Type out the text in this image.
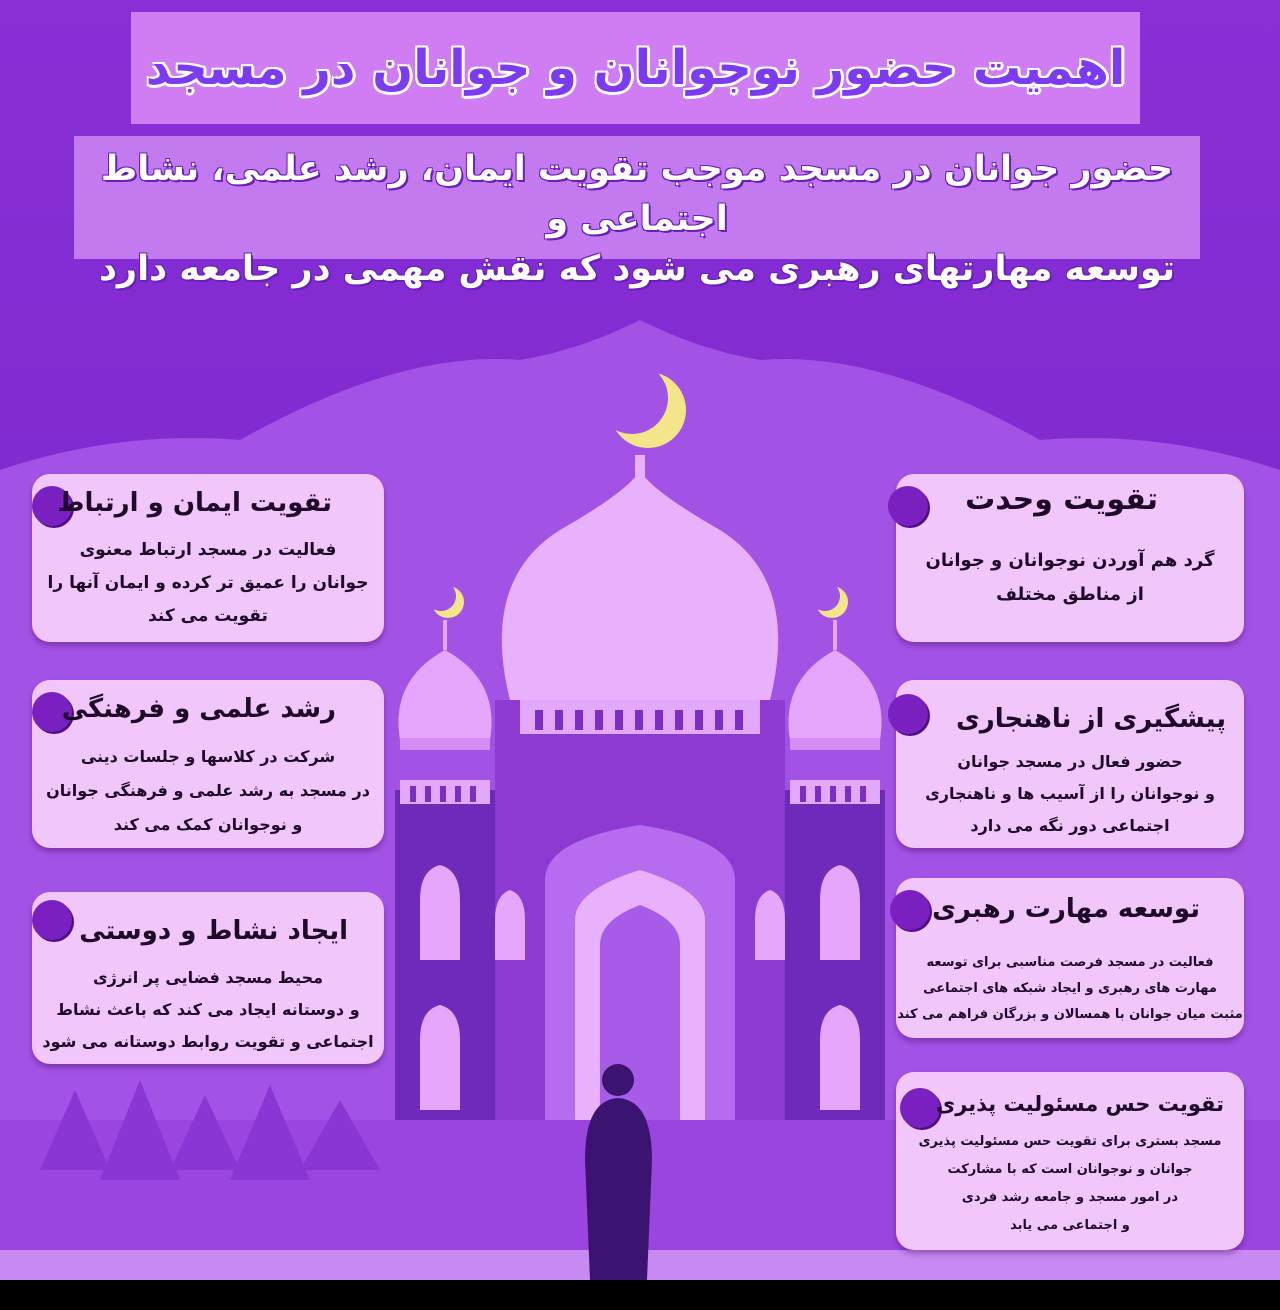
اهمیت حضور نوجوانان و جوانان در مسجد
حضور جوانان در مسجد موجب تقویت ایمان، رشد علمی، نشاط اجتماعی و
توسعه مهارتهای رهبری می شود که نقش مهمی در جامعه دارد
تقویت ایمان و ارتباط

فعالیت در مسجد ارتباط معنوی
جوانان را عمیق تر کرده و ایمان آنها را
تقویت می کند

رشد علمی و فرهنگی

شرکت در کلاسها و جلسات دینی
در مسجد به رشد علمی و فرهنگی جوانان
و نوجوانان کمک می کند

ایجاد نشاط و دوستی

محیط مسجد فضایی پر انرژی
و دوستانه ایجاد می کند که باعث نشاط
اجتماعی و تقویت روابط دوستانه می شود

تقویت وحدت

گرد هم آوردن نوجوانان و جوانان
از مناطق مختلف

پیشگیری از ناهنجاری

حضور فعال در مسجد جوانان
و نوجوانان را از آسیب ها و ناهنجاری
اجتماعی دور نگه می دارد

توسعه مهارت رهبری

فعالیت در مسجد فرصت مناسبی برای توسعه
مهارت های رهبری و ایجاد شبکه های اجتماعی
مثبت میان جوانان با همسالان و بزرگان فراهم می کند

تقویت حس مسئولیت پذیری

مسجد بستری برای تقویت حس مسئولیت پذیری
جوانان و نوجوانان است که با مشارکت
در امور مسجد و جامعه رشد فردی
و اجتماعی می یابد
